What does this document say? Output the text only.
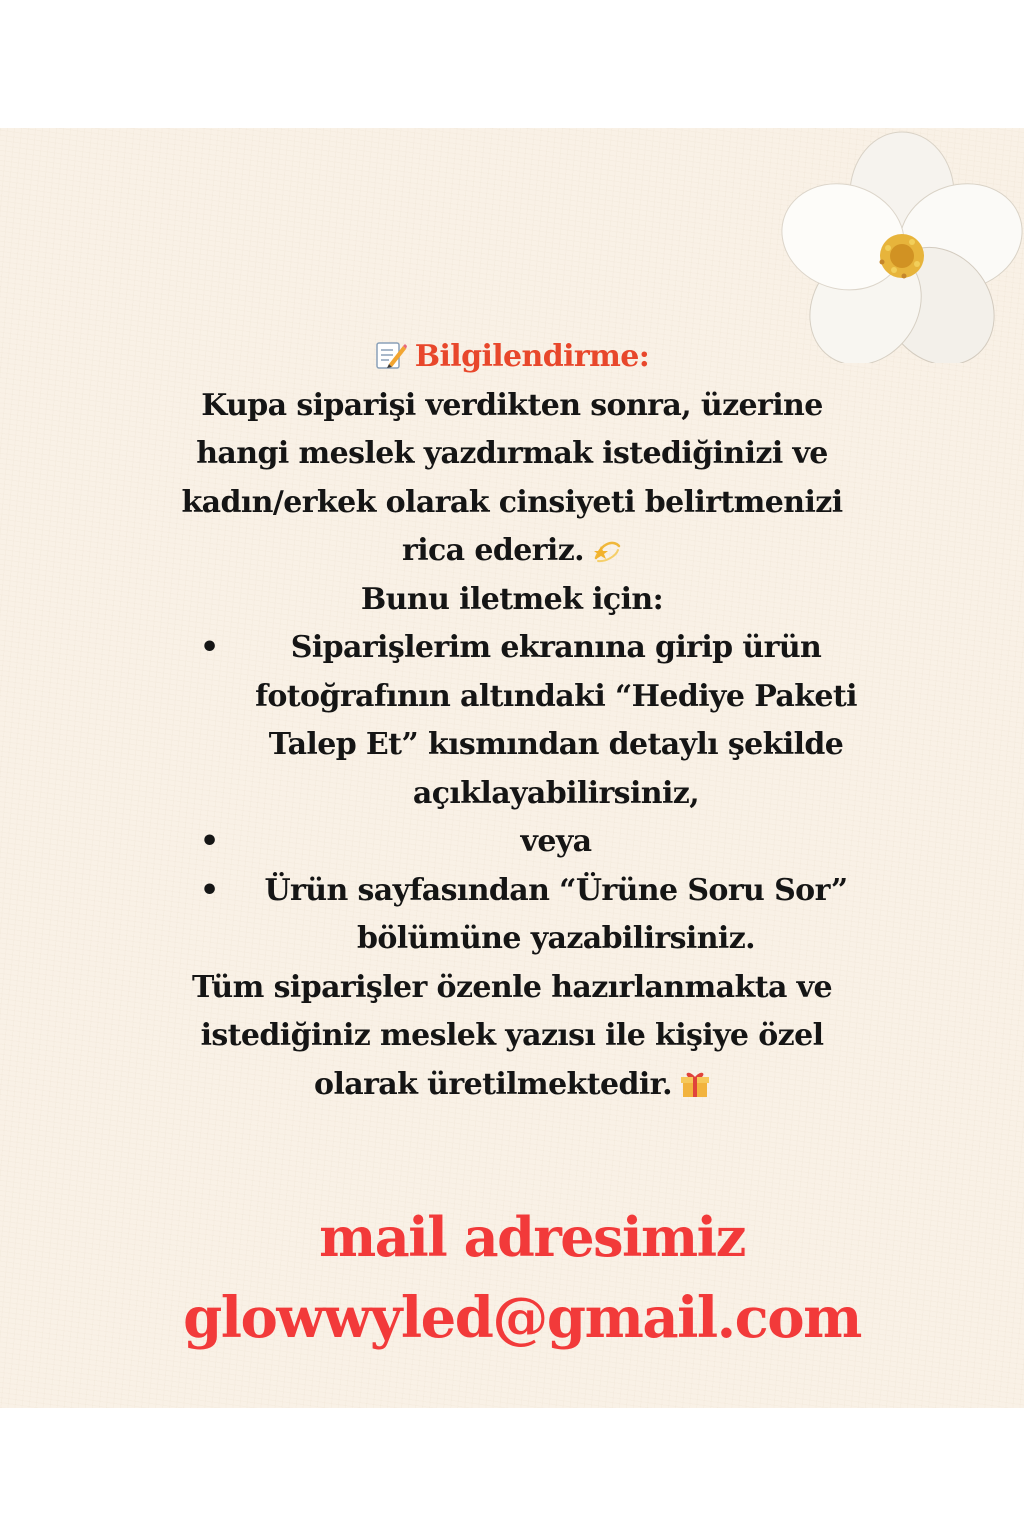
Bilgilendirme:
Kupa siparişi verdikten sonra, üzerine
hangi meslek yazdırmak istediğinizi ve
kadın/erkek olarak cinsiyeti belirtmenizi
rica ederiz.
Bunu iletmek için:
•	Siparişlerim ekranına girip ürün
fotoğrafının altındaki “Hediye Paketi
Talep Et” kısmından detaylı şekilde
açıklayabilirsiniz,
•	veya
•	Ürün sayfasından “Ürüne Soru Sor”
bölümüne yazabilirsiniz.
Tüm siparişler özenle hazırlanmakta ve
istediğiniz meslek yazısı ile kişiye özel
olarak üretilmektedir.
mail adresimiz
glowwyled@gmail.com
